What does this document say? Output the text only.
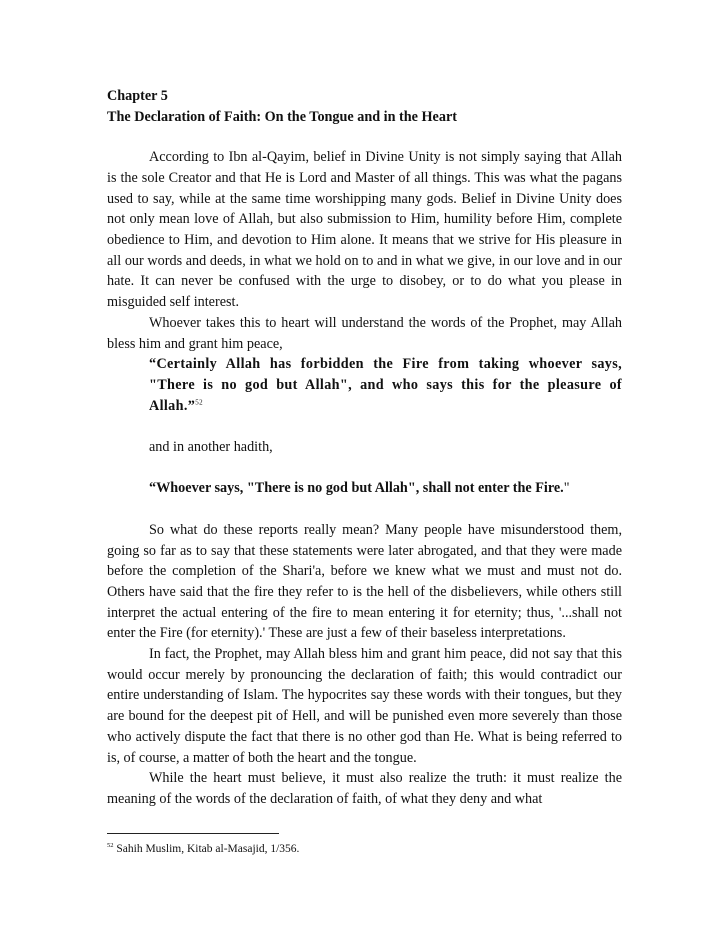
Chapter 5

The Declaration of Faith: On the Tongue and in the Heart

According to Ibn al-Qayim, belief in Divine Unity is not simply saying that Allah is the sole Creator and that He is Lord and Master of all things. This was what the pagans used to say, while at the same time worshipping many gods. Belief in Divine Unity does not only mean love of Allah, but also submission to Him, humility before Him, complete obedience to Him, and devotion to Him alone. It means that we strive for His pleasure in all our words and deeds, in what we hold on to and in what we give, in our love and in our hate. It can never be confused with the urge to disobey, or to do what you please in misguided self interest.

Whoever takes this to heart will understand the words of the Prophet, may Allah bless him and grant him peace,

“Certainly Allah has forbidden the Fire from taking whoever says, "There is no god but Allah", and who says this for the pleasure of Allah.”$^{52}$

and in another hadith,

“Whoever says, "There is no god but Allah", shall not enter the Fire."

So what do these reports really mean? Many people have misunderstood them, going so far as to say that these statements were later abrogated, and that they were made before the completion of the Shari'a, before we knew what we must and must not do. Others have said that the fire they refer to is the hell of the disbelievers, while others still interpret the actual entering of the fire to mean entering it for eternity; thus, '...shall not enter the Fire (for eternity).' These are just a few of their baseless interpretations.

In fact, the Prophet, may Allah bless him and grant him peace, did not say that this would occur merely by pronouncing the declaration of faith; this would contradict our entire understanding of Islam. The hypocrites say these words with their tongues, but they are bound for the deepest pit of Hell, and will be punished even more severely than those who actively dispute the fact that there is no other god than He. What is being referred to is, of course, a matter of both the heart and the tongue.

While the heart must believe, it must also realize the truth: it must realize the meaning of the words of the declaration of faith, of what they deny and what

$^{52}$ Sahih Muslim, Kitab al-Masajid, 1/356.
